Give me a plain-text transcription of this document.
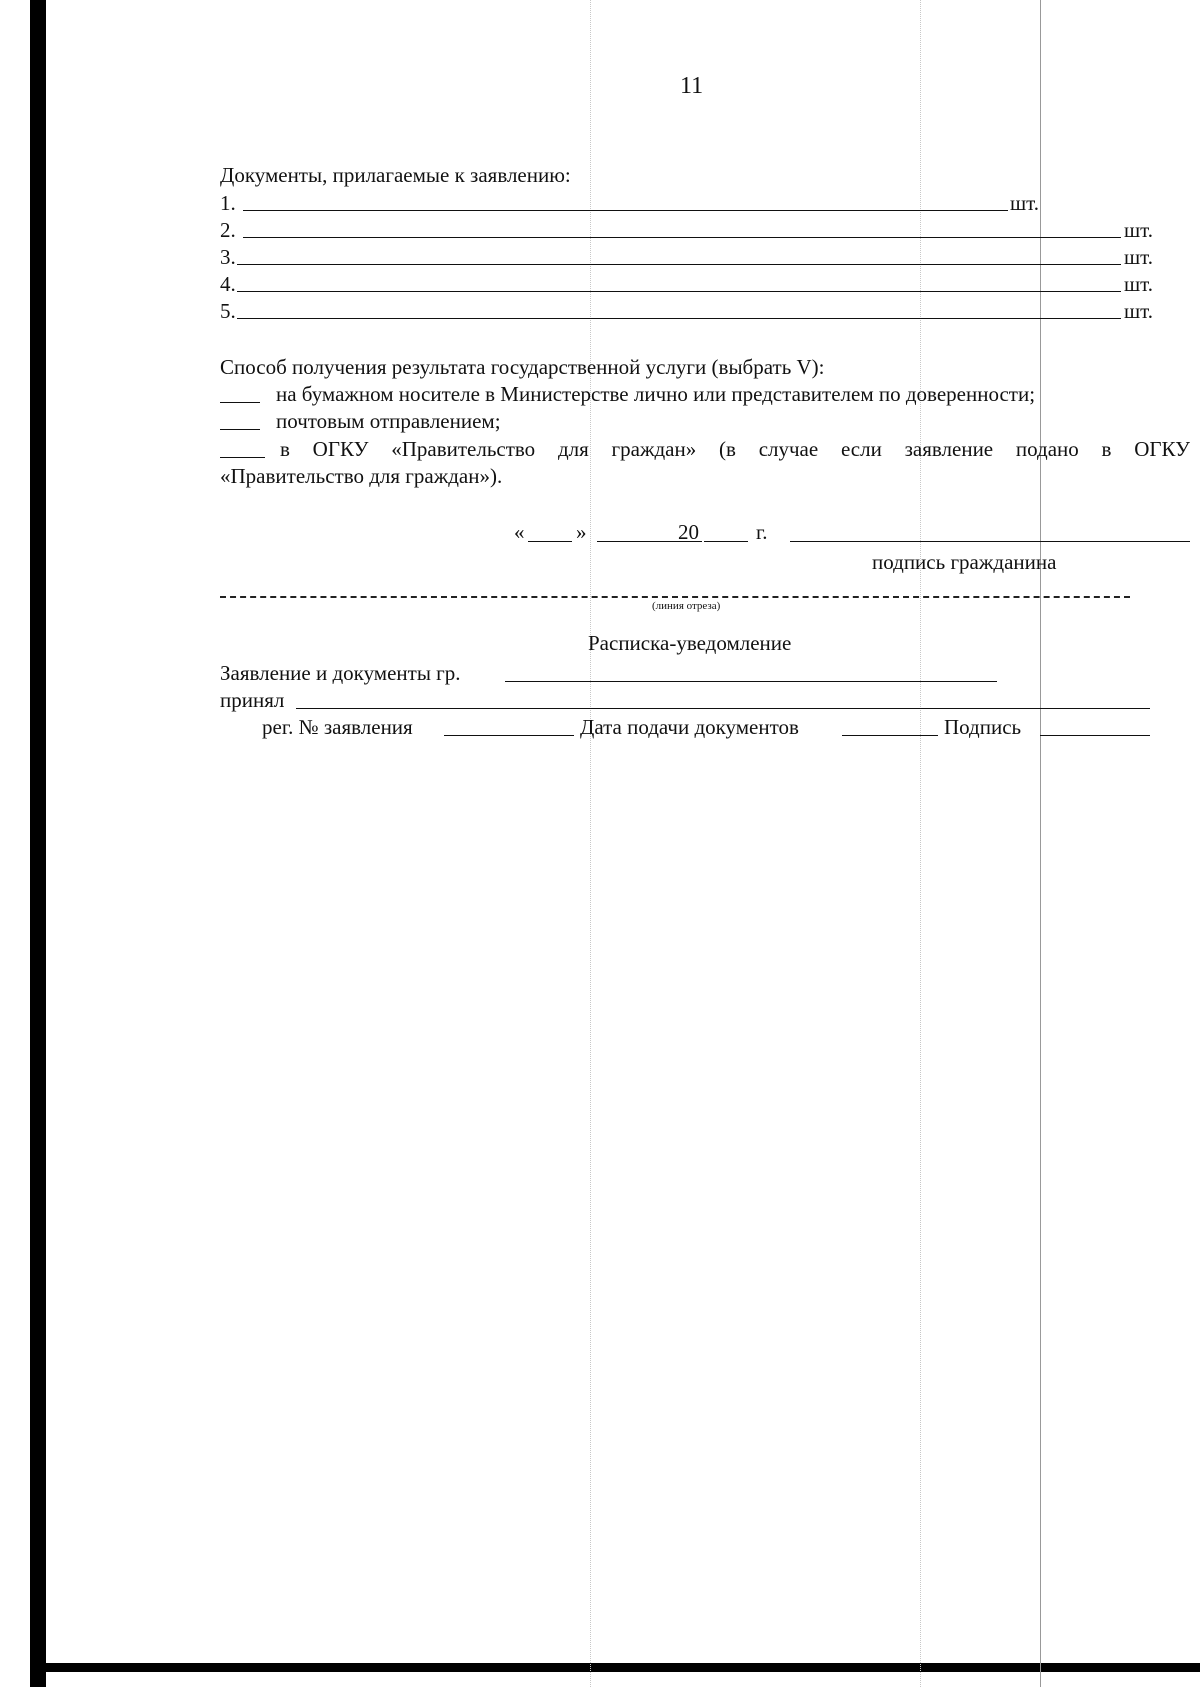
11
Документы, прилагаемые к заявлению:
1.	шт.
2.	шт.
3.	шт.
4.	шт.
5.	шт.
Способ получения результата государственной услуги (выбрать V):
на бумажном носителе в Министерстве лично или представителем по доверенности;
почтовым отправлением;
в ОГКУ «Правительство для граждан» (в случае если заявление подано в ОГКУ
«Правительство для граждан»).
« »	20	г.
подпись гражданина
(линия отреза)
Расписка-уведомление
Заявление и документы гр.
принял
рег. № заявления	Дата подачи документов	Подпись
